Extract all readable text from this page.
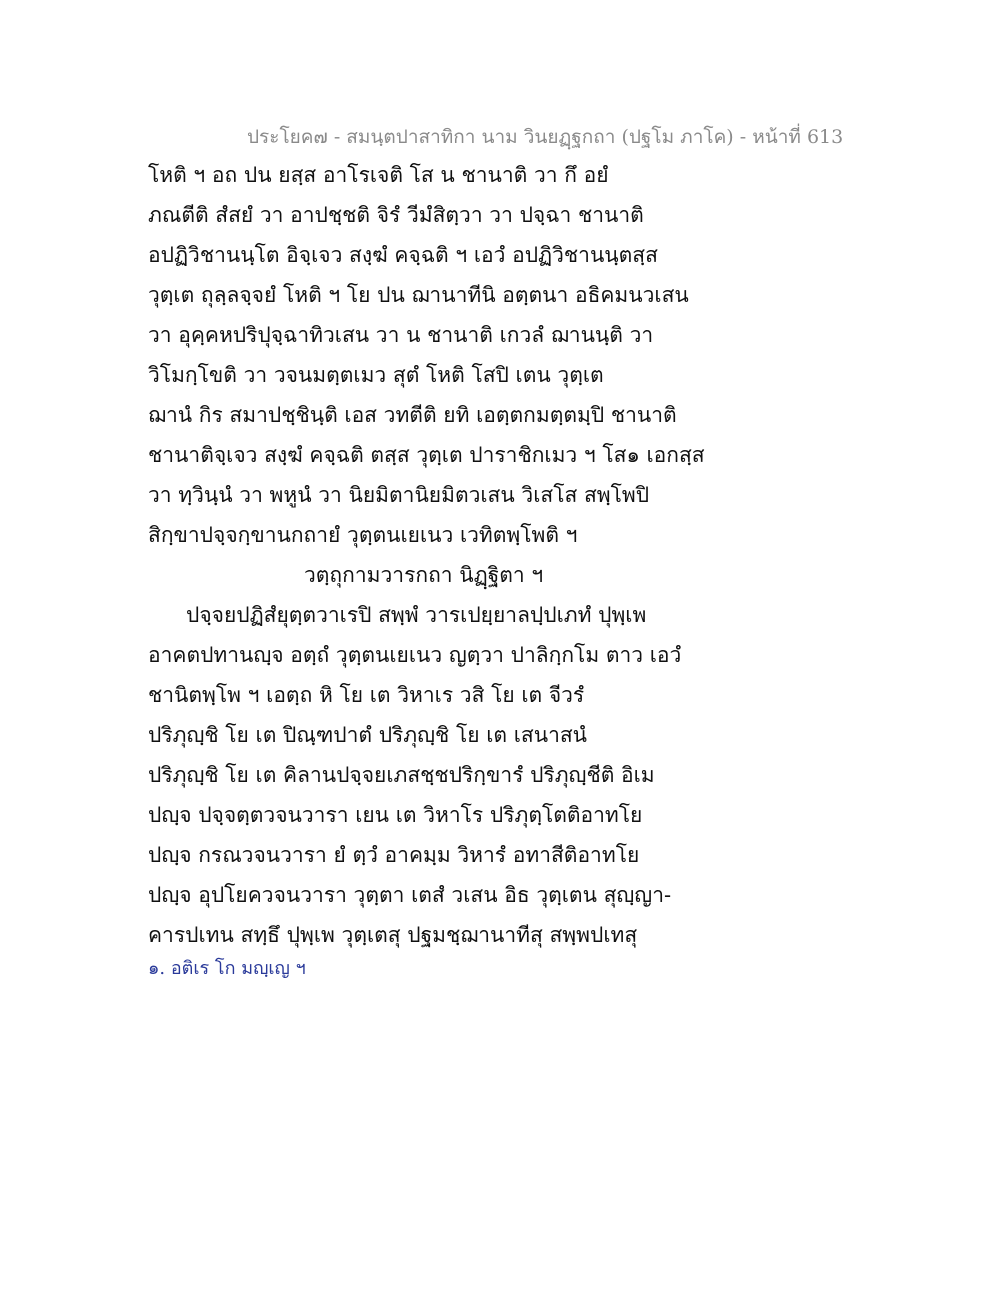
ประโยค๗ - สมนฺตปาสาทิกา นาม วินยฏฺฐกถา (ปฐโม ภาโค) - หน้าที่ 613
โหติ ฯ อถ ปน ยสฺส อาโรเจติ โส น ชานาติ วา กึ อยํ
ภณตีติ สํสยํ วา อาปชฺชติ จิรํ วีมํสิตฺวา วา ปจฺฉา ชานาติ
อปฏิวิชานนฺโต อิจฺเจว สงฺฆํ คจฺฉติ ฯ เอวํ อปฏิวิชานนฺตสฺส
วุตฺเต ถุลฺลจฺจยํ โหติ ฯ โย ปน ฌานาทีนิ อตฺตนา อธิคมนวเสน
วา อุคฺคหปริปุจฺฉาทิวเสน วา น ชานาติ เกวลํ ฌานนฺติ วา
วิโมกฺโขติ วา วจนมตฺตเมว สุตํ โหติ โสปิ เตน วุตฺเต
ฌานํ กิร สมาปชฺชินฺติ เอส วทตีติ ยทิ เอตฺตกมตฺตมฺปิ ชานาติ
ชานาติจฺเจว สงฺฆํ คจฺฉติ ตสฺส วุตฺเต ปาราชิกเมว ฯ โส๑ เอกสฺส
วา ทฺวินฺนํ วา พหูนํ วา นิยมิตานิยมิตวเสน วิเสโส สพฺโพปิ
สิกฺขาปจฺจกฺขานกถายํ วุตฺตนเยเนว เวทิตพฺโพติ ฯ
วตฺถุกามวารกถา นิฏฺฐิตา ฯ
ปจฺจยปฏิสํยุตฺตวาเรปิ สพฺพํ วารเปยฺยาลปฺปเภทํ ปุพฺเพ
อาคตปทานญฺจ อตฺถํ วุตฺตนเยเนว ญตฺวา ปาลิกฺกโม ตาว เอวํ
ชานิตพฺโพ ฯ เอตฺถ หิ โย เต วิหาเร วสิ โย เต จีวรํ
ปริภุญฺชิ โย เต ปิณฺฑปาตํ ปริภุญฺชิ โย เต เสนาสนํ
ปริภุญฺชิ โย เต คิลานปจฺจยเภสชฺชปริกฺขารํ ปริภุญฺชีติ อิเม
ปญฺจ ปจฺจตฺตวจนวารา เยน เต วิหาโร ปริภุตฺโตติอาทโย
ปญฺจ กรณวจนวารา ยํ ตฺวํ อาคมฺม วิหารํ อทาสีติอาทโย
ปญฺจ อุปโยควจนวารา วุตฺตา เตสํ วเสน อิธ วุตฺเตน สุญฺญา-
คารปเทน สทฺธึ ปุพฺเพ วุตฺเตสุ ปฐมชฺฌานาทีสุ สพฺพปเทสุ
๑. อติเร โก มญฺเญ ฯ
